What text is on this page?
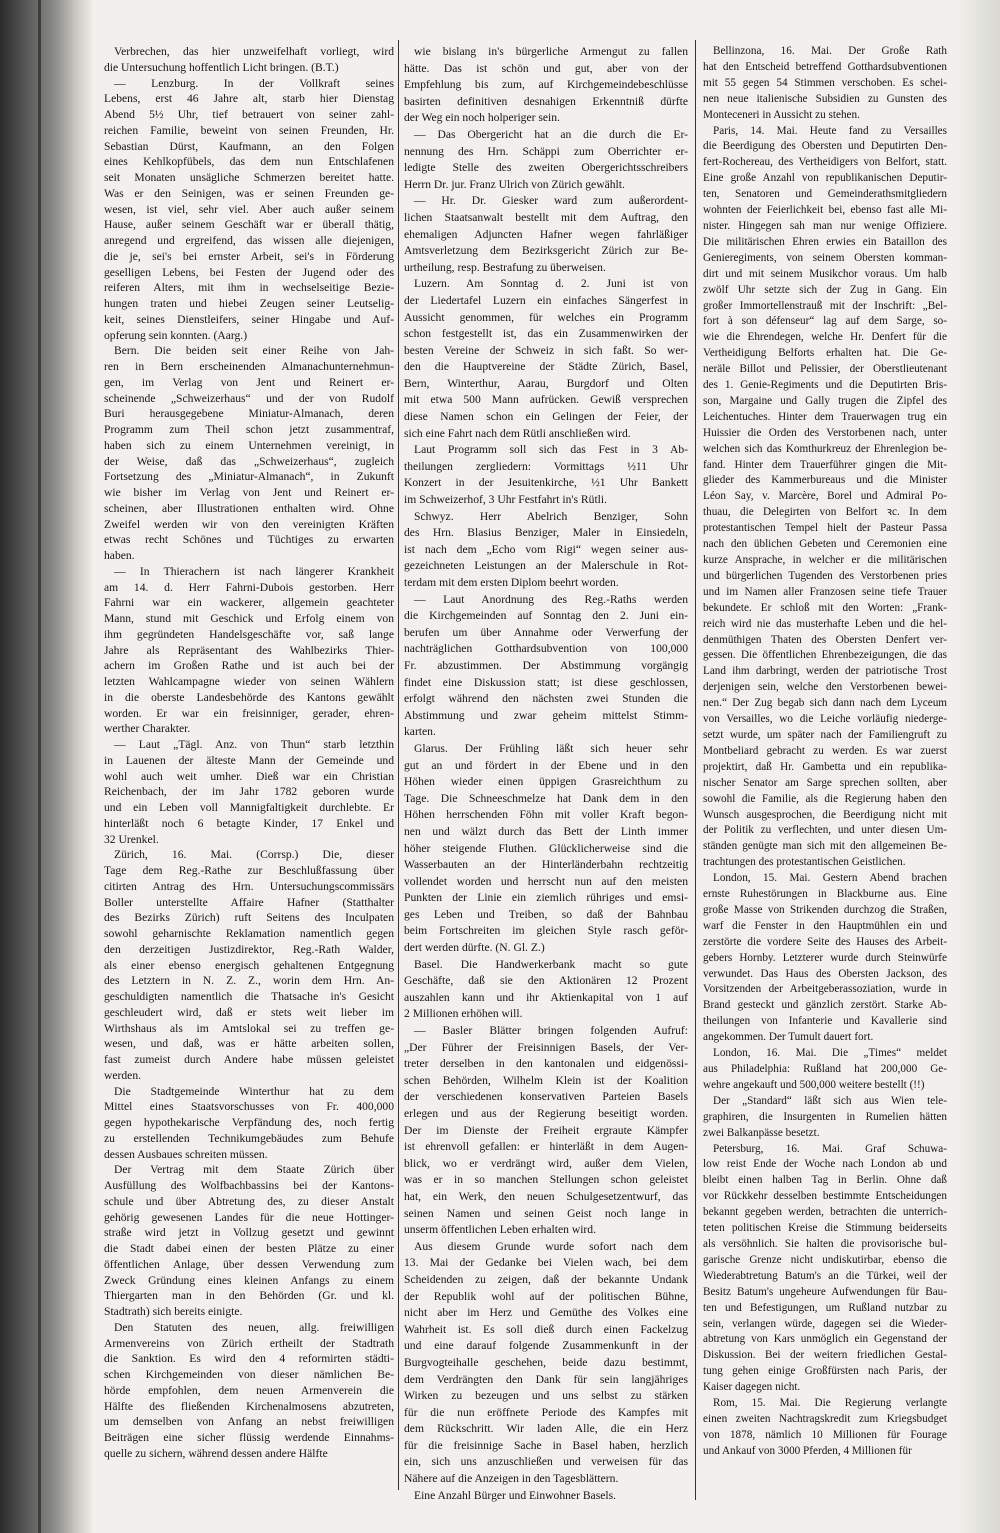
Verbrechen, das hier unzweifelhaft vorliegt, wird
die Untersuchung hoffentlich Licht bringen. (B.T.)
— Lenzburg. In der Vollkraft seines
Lebens, erst 46 Jahre alt, starb hier Dienstag
Abend 5½ Uhr, tief betrauert von seiner zahl-
reichen Familie, beweint von seinen Freunden, Hr.
Sebastian Dürst, Kaufmann, an den Folgen
eines Kehlkopfübels, das dem nun Entschlafenen
seit Monaten unsägliche Schmerzen bereitet hatte.
Was er den Seinigen, was er seinen Freunden ge-
wesen, ist viel, sehr viel. Aber auch außer seinem
Hause, außer seinem Geschäft war er überall thätig,
anregend und ergreifend, das wissen alle diejenigen,
die je, sei's bei ernster Arbeit, sei's in Förderung
geselligen Lebens, bei Festen der Jugend oder des
reiferen Alters, mit ihm in wechselseitige Bezie-
hungen traten und hiebei Zeugen seiner Leutselig-
keit, seines Dienstleifers, seiner Hingabe und Auf-
opferung sein konnten. (Aarg.)
Bern. Die beiden seit einer Reihe von Jah-
ren in Bern erscheinenden Almanachunternehmun-
gen, im Verlag von Jent und Reinert er-
scheinende „Schweizerhaus“ und der von Rudolf
Buri herausgegebene Miniatur-Almanach, deren
Programm zum Theil schon jetzt zusammentraf,
haben sich zu einem Unternehmen vereinigt, in
der Weise, daß das „Schweizerhaus“, zugleich
Fortsetzung des „Miniatur-Almanach“, in Zukunft
wie bisher im Verlag von Jent und Reinert er-
scheinen, aber Illustrationen enthalten wird. Ohne
Zweifel werden wir von den vereinigten Kräften
etwas recht Schönes und Tüchtiges zu erwarten
haben.
— In Thierachern ist nach längerer Krankheit
am 14. d. Herr Fahrni-Dubois gestorben. Herr
Fahrni war ein wackerer, allgemein geachteter
Mann, stund mit Geschick und Erfolg einem von
ihm gegründeten Handelsgeschäfte vor, saß lange
Jahre als Repräsentant des Wahlbezirks Thier-
achern im Großen Rathe und ist auch bei der
letzten Wahlcampagne wieder von seinen Wählern
in die oberste Landesbehörde des Kantons gewählt
worden. Er war ein freisinniger, gerader, ehren-
werther Charakter.
— Laut „Tägl. Anz. von Thun“ starb letzthin
in Lauenen der älteste Mann der Gemeinde und
wohl auch weit umher. Dieß war ein Christian
Reichenbach, der im Jahr 1782 geboren wurde
und ein Leben voll Mannigfaltigkeit durchlebte. Er
hinterläßt noch 6 betagte Kinder, 17 Enkel und
32 Urenkel.
Zürich, 16. Mai. (Corrsp.) Die, dieser
Tage dem Reg.-Rathe zur Beschlußfassung über
citirten Antrag des Hrn. Untersuchungscommissärs
Boller unterstellte Affaire Hafner (Statthalter
des Bezirks Zürich) ruft Seitens des Inculpaten
sowohl geharnischte Reklamation namentlich gegen
den derzeitigen Justizdirektor, Reg.-Rath Walder,
als einer ebenso energisch gehaltenen Entgegnung
des Letztern in N. Z. Z., worin dem Hrn. An-
geschuldigten namentlich die Thatsache in's Gesicht
geschleudert wird, daß er stets weit lieber im
Wirthshaus als im Amtslokal sei zu treffen ge-
wesen, und daß, was er hätte arbeiten sollen,
fast zumeist durch Andere habe müssen geleistet
werden.
Die Stadtgemeinde Winterthur hat zu dem
Mittel eines Staatsvorschusses von Fr. 400,000
gegen hypothekarische Verpfändung des, noch fertig
zu erstellenden Technikumgebäudes zum Behufe
dessen Ausbaues schreiten müssen.
Der Vertrag mit dem Staate Zürich über
Ausfüllung des Wolfbachbassins bei der Kantons-
schule und über Abtretung des, zu dieser Anstalt
gehörig gewesenen Landes für die neue Hottinger-
straße wird jetzt in Vollzug gesetzt und gewinnt
die Stadt dabei einen der besten Plätze zu einer
öffentlichen Anlage, über dessen Verwendung zum
Zweck Gründung eines kleinen Anfangs zu einem
Thiergarten man in den Behörden (Gr. und kl.
Stadtrath) sich bereits einigte.
Den Statuten des neuen, allg. freiwilligen
Armenvereins von Zürich ertheilt der Stadtrath
die Sanktion. Es wird den 4 reformirten städti-
schen Kirchgemeinden von dieser nämlichen Be-
hörde empfohlen, dem neuen Armenverein die
Hälfte des fließenden Kirchenalmosens abzutreten,
um demselben von Anfang an nebst freiwilligen
Beiträgen eine sicher flüssig werdende Einnahms-
quelle zu sichern, während dessen andere Hälfte
wie bislang in's bürgerliche Armengut zu fallen
hätte. Das ist schön und gut, aber von der
Empfehlung bis zum, auf Kirchgemeindebeschlüsse
basirten definitiven desnahigen Erkenntniß dürfte
der Weg ein noch holperiger sein.
— Das Obergericht hat an die durch die Er-
nennung des Hrn. Schäppi zum Oberrichter er-
ledigte Stelle des zweiten Obergerichtsschreibers
Herrn Dr. jur. Franz Ulrich von Zürich gewählt.
— Hr. Dr. Giesker ward zum außerordent-
lichen Staatsanwalt bestellt mit dem Auftrag, den
ehemaligen Adjuncten Hafner wegen fahrläßiger
Amtsverletzung dem Bezirksgericht Zürich zur Be-
urtheilung, resp. Bestrafung zu überweisen.
Luzern. Am Sonntag d. 2. Juni ist von
der Liedertafel Luzern ein einfaches Sängerfest in
Aussicht genommen, für welches ein Programm
schon festgestellt ist, das ein Zusammenwirken der
besten Vereine der Schweiz in sich faßt. So wer-
den die Hauptvereine der Städte Zürich, Basel,
Bern, Winterthur, Aarau, Burgdorf und Olten
mit etwa 500 Mann aufrücken. Gewiß versprechen
diese Namen schon ein Gelingen der Feier, der
sich eine Fahrt nach dem Rütli anschließen wird.
Laut Programm soll sich das Fest in 3 Ab-
theilungen zergliedern: Vormittags ½11 Uhr
Konzert in der Jesuitenkirche, ½1 Uhr Bankett
im Schweizerhof, 3 Uhr Festfahrt in's Rütli.
Schwyz. Herr Abelrich Benziger, Sohn
des Hrn. Blasius Benziger, Maler in Einsiedeln,
ist nach dem „Echo vom Rigi“ wegen seiner aus-
gezeichneten Leistungen an der Malerschule in Rot-
terdam mit dem ersten Diplom beehrt worden.
— Laut Anordnung des Reg.-Raths werden
die Kirchgemeinden auf Sonntag den 2. Juni ein-
berufen um über Annahme oder Verwerfung der
nachträglichen Gotthardsubvention von 100,000
Fr. abzustimmen. Der Abstimmung vorgängig
findet eine Diskussion statt; ist diese geschlossen,
erfolgt während den nächsten zwei Stunden die
Abstimmung und zwar geheim mittelst Stimm-
karten.
Glarus. Der Frühling läßt sich heuer sehr
gut an und fördert in der Ebene und in den
Höhen wieder einen üppigen Grasreichthum zu
Tage. Die Schneeschmelze hat Dank dem in den
Höhen herrschenden Föhn mit voller Kraft begon-
nen und wälzt durch das Bett der Linth immer
höher steigende Fluthen. Glücklicherweise sind die
Wasserbauten an der Hinterländerbahn rechtzeitig
vollendet worden und herrscht nun auf den meisten
Punkten der Linie ein ziemlich rühriges und emsi-
ges Leben und Treiben, so daß der Bahnbau
beim Fortschreiten im gleichen Style rasch geför-
dert werden dürfte. (N. Gl. Z.)
Basel. Die Handwerkerbank macht so gute
Geschäfte, daß sie den Aktionären 12 Prozent
auszahlen kann und ihr Aktienkapital von 1 auf
2 Millionen erhöhen will.
— Basler Blätter bringen folgenden Aufruf:
„Der Führer der Freisinnigen Basels, der Ver-
treter derselben in den kantonalen und eidgenössi-
schen Behörden, Wilhelm Klein ist der Koalition
der verschiedenen konservativen Parteien Basels
erlegen und aus der Regierung beseitigt worden.
Der im Dienste der Freiheit ergraute Kämpfer
ist ehrenvoll gefallen: er hinterläßt in dem Augen-
blick, wo er verdrängt wird, außer dem Vielen,
was er in so manchen Stellungen schon geleistet
hat, ein Werk, den neuen Schulgesetzentwurf, das
seinen Namen und seinen Geist noch lange in
unserm öffentlichen Leben erhalten wird.
Aus diesem Grunde wurde sofort nach dem
13. Mai der Gedanke bei Vielen wach, bei dem
Scheidenden zu zeigen, daß der bekannte Undank
der Republik wohl auf der politischen Bühne,
nicht aber im Herz und Gemüthe des Volkes eine
Wahrheit ist. Es soll dieß durch einen Fackelzug
und eine darauf folgende Zusammenkunft in der
Burgvogteihalle geschehen, beide dazu bestimmt,
dem Verdrängten den Dank für sein langjähriges
Wirken zu bezeugen und uns selbst zu stärken
für die nun eröffnete Periode des Kampfes mit
dem Rückschritt. Wir laden Alle, die ein Herz
für die freisinnige Sache in Basel haben, herzlich
ein, sich uns anzuschließen und verweisen für das
Nähere auf die Anzeigen in den Tagesblättern.
Eine Anzahl Bürger und Einwohner Basels.
Bellinzona, 16. Mai. Der Große Rath
hat den Entscheid betreffend Gotthardsubventionen
mit 55 gegen 54 Stimmen verschoben. Es schei-
nen neue italienische Subsidien zu Gunsten des
Monteceneri in Aussicht zu stehen.
Paris, 14. Mai. Heute fand zu Versailles
die Beerdigung des Obersten und Deputirten Den-
fert-Rochereau, des Vertheidigers von Belfort, statt.
Eine große Anzahl von republikanischen Deputir-
ten, Senatoren und Gemeinderathsmitgliedern
wohnten der Feierlichkeit bei, ebenso fast alle Mi-
nister. Hingegen sah man nur wenige Offiziere.
Die militärischen Ehren erwies ein Bataillon des
Genieregiments, von seinem Obersten komman-
dirt und mit seinem Musikchor voraus. Um halb
zwölf Uhr setzte sich der Zug in Gang. Ein
großer Immortellenstrauß mit der Inschrift: „Bel-
fort à son défenseur“ lag auf dem Sarge, so-
wie die Ehrendegen, welche Hr. Denfert für die
Vertheidigung Belforts erhalten hat. Die Ge-
neräle Billot und Pelissier, der Oberstlieutenant
des 1. Genie-Regiments und die Deputirten Bris-
son, Margaine und Gally trugen die Zipfel des
Leichentuches. Hinter dem Trauerwagen trug ein
Huissier die Orden des Verstorbenen nach, unter
welchen sich das Komthurkreuz der Ehrenlegion be-
fand. Hinter dem Trauerführer gingen die Mit-
glieder des Kammerbureaus und die Minister
Léon Say, v. Marcère, Borel und Admiral Po-
thuau, die Delegirten von Belfort ꝛc. In dem
protestantischen Tempel hielt der Pasteur Passa
nach den üblichen Gebeten und Ceremonien eine
kurze Ansprache, in welcher er die militärischen
und bürgerlichen Tugenden des Verstorbenen pries
und im Namen aller Franzosen seine tiefe Trauer
bekundete. Er schloß mit den Worten: „Frank-
reich wird nie das musterhafte Leben und die hel-
denmüthigen Thaten des Obersten Denfert ver-
gessen. Die öffentlichen Ehrenbezeigungen, die das
Land ihm darbringt, werden der patriotische Trost
derjenigen sein, welche den Verstorbenen bewei-
nen.“ Der Zug begab sich dann nach dem Lyceum
von Versailles, wo die Leiche vorläufig niederge-
setzt wurde, um später nach der Familiengruft zu
Montbeliard gebracht zu werden. Es war zuerst
projektirt, daß Hr. Gambetta und ein republika-
nischer Senator am Sarge sprechen sollten, aber
sowohl die Familie, als die Regierung haben den
Wunsch ausgesprochen, die Beerdigung nicht mit
der Politik zu verflechten, und unter diesen Um-
ständen genügte man sich mit den allgemeinen Be-
trachtungen des protestantischen Geistlichen.
London, 15. Mai. Gestern Abend brachen
ernste Ruhestörungen in Blackburne aus. Eine
große Masse von Strikenden durchzog die Straßen,
warf die Fenster in den Hauptmühlen ein und
zerstörte die vordere Seite des Hauses des Arbeit-
gebers Hornby. Letzterer wurde durch Steinwürfe
verwundet. Das Haus des Obersten Jackson, des
Vorsitzenden der Arbeitgeberassoziation, wurde in
Brand gesteckt und gänzlich zerstört. Starke Ab-
theilungen von Infanterie und Kavallerie sind
angekommen. Der Tumult dauert fort.
London, 16. Mai. Die „Times“ meldet
aus Philadelphia: Rußland hat 200,000 Ge-
wehre angekauft und 500,000 weitere bestellt (!!)
Der „Standard“ läßt sich aus Wien tele-
graphiren, die Insurgenten in Rumelien hätten
zwei Balkanpässe besetzt.
Petersburg, 16. Mai. Graf Schuwa-
low reist Ende der Woche nach London ab und
bleibt einen halben Tag in Berlin. Ohne daß
vor Rückkehr desselben bestimmte Entscheidungen
bekannt gegeben werden, betrachten die unterrich-
teten politischen Kreise die Stimmung beiderseits
als versöhnlich. Sie halten die provisorische bul-
garische Grenze nicht undiskutirbar, ebenso die
Wiederabtretung Batum's an die Türkei, weil der
Besitz Batum's ungeheure Aufwendungen für Bau-
ten und Befestigungen, um Rußland nutzbar zu
sein, verlangen würde, dagegen sei die Wieder-
abtretung von Kars unmöglich ein Gegenstand der
Diskussion. Bei der weitern friedlichen Gestal-
tung gehen einige Großfürsten nach Paris, der
Kaiser dagegen nicht.
Rom, 15. Mai. Die Regierung verlangte
einen zweiten Nachtragskredit zum Kriegsbudget
von 1878, nämlich 10 Millionen für Fourage
und Ankauf von 3000 Pferden, 4 Millionen für
